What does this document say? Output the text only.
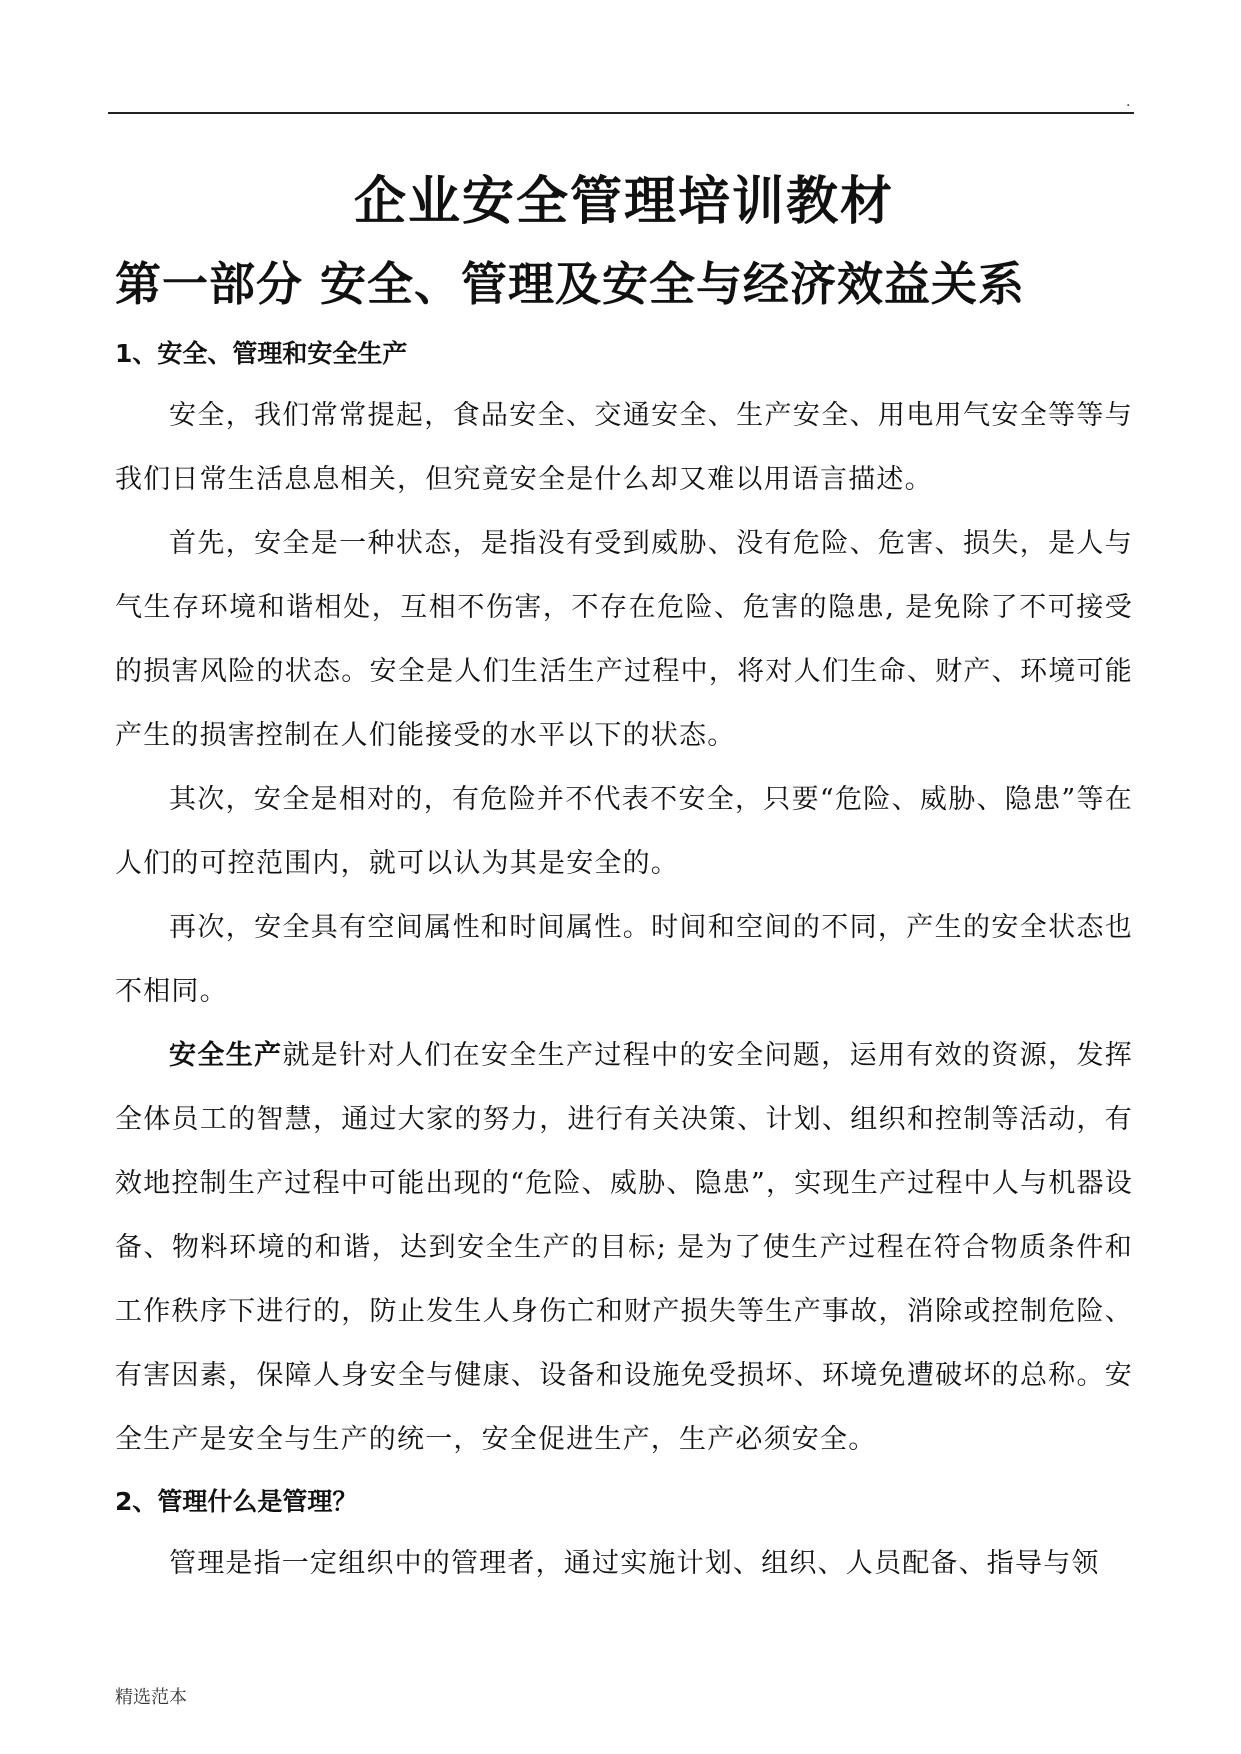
.
企业安全管理培训教材
第一部分 安全、管理及安全与经济效益关系
1、安全、管理和安全生产

安全，我们常常提起，食品安全、交通安全、生产安全、用电用气安全等等与我们日常生活息息相关，但究竟安全是什么却又难以用语言描述。

首先，安全是一种状态，是指没有受到威胁、没有危险、危害、损失，是人与气生存环境和谐相处，互相不伤害，不存在危险、危害的隐患, 是免除了不可接受的损害风险的状态。安全是人们生活生产过程中，将对人们生命、财产、环境可能产生的损害控制在人们能接受的水平以下的状态。

其次，安全是相对的，有危险并不代表不安全，只要“危险、威胁、隐患”等在人们的可控范围内，就可以认为其是安全的。

再次，安全具有空间属性和时间属性。时间和空间的不同，产生的安全状态也不相同。

安全生产就是针对人们在安全生产过程中的安全问题，运用有效的资源，发挥全体员工的智慧，通过大家的努力，进行有关决策、计划、组织和控制等活动，有效地控制生产过程中可能出现的“危险、威胁、隐患”，实现生产过程中人与机器设备、物料环境的和谐，达到安全生产的目标; 是为了使生产过程在符合物质条件和工作秩序下进行的，防止发生人身伤亡和财产损失等生产事故，消除或控制危险、有害因素，保障人身安全与健康、设备和设施免受损坏、环境免遭破坏的总称。安全生产是安全与生产的统一，安全促进生产，生产必须安全。

2、管理什么是管理？

管理是指一定组织中的管理者，通过实施计划、组织、人员配备、指导与领

精选范本
